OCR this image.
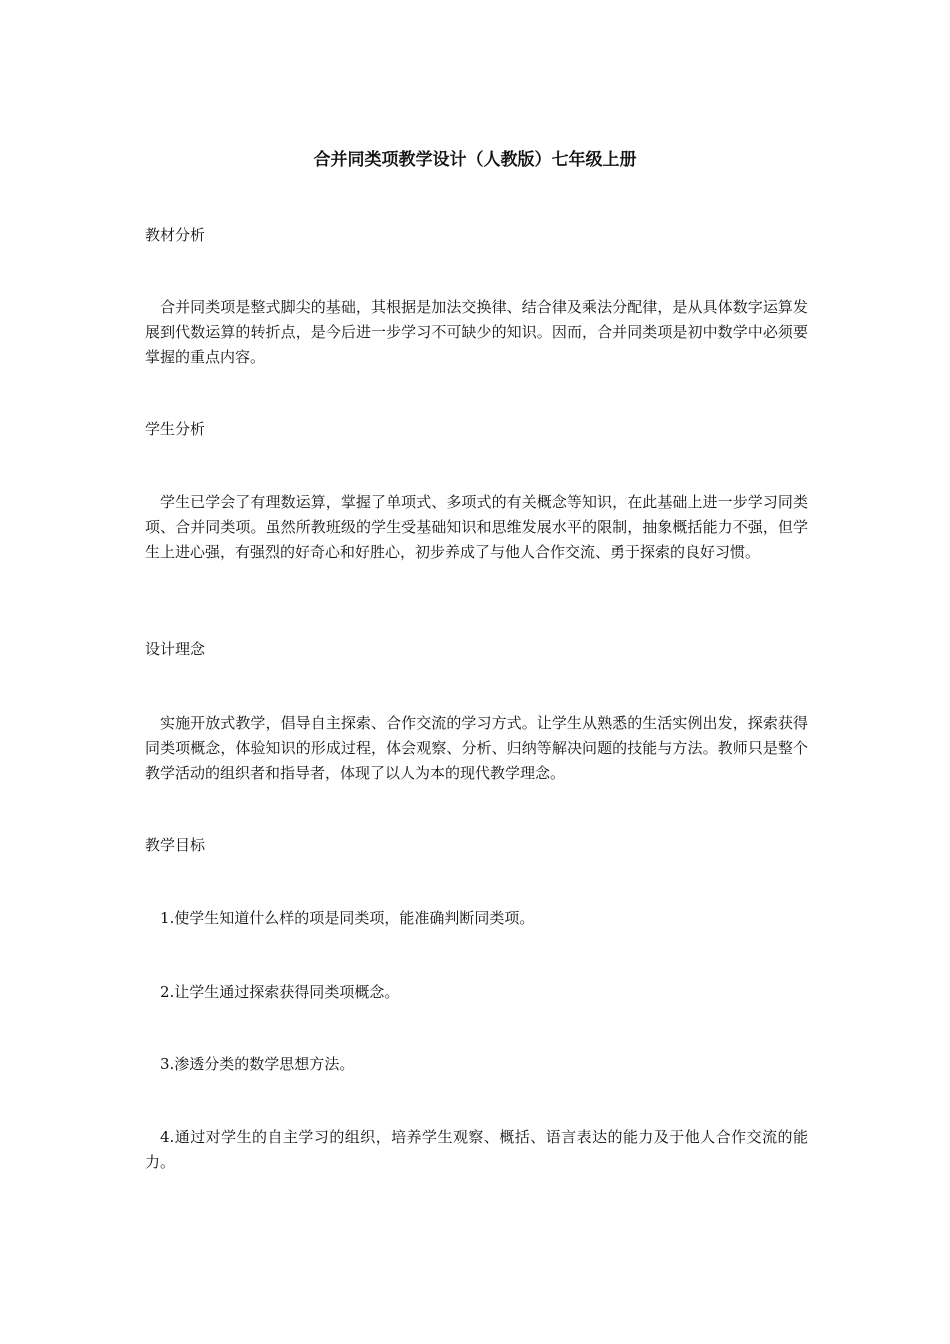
合并同类项教学设计（人教版）七年级上册
教材分析
合并同类项是整式脚尖的基础，其根据是加法交换律、结合律及乘法分配律，是从具体数字运算发展到代数运算的转折点，是今后进一步学习不可缺少的知识。因而，合并同类项是初中数学中必须要掌握的重点内容。
学生分析
学生已学会了有理数运算，掌握了单项式、多项式的有关概念等知识，在此基础上进一步学习同类项、合并同类项。虽然所教班级的学生受基础知识和思维发展水平的限制，抽象概括能力不强，但学生上进心强，有强烈的好奇心和好胜心，初步养成了与他人合作交流、勇于探索的良好习惯。
设计理念
实施开放式教学，倡导自主探索、合作交流的学习方式。让学生从熟悉的生活实例出发，探索获得同类项概念，体验知识的形成过程，体会观察、分析、归纳等解决问题的技能与方法。教师只是整个教学活动的组织者和指导者，体现了以人为本的现代教学理念。
教学目标
1.使学生知道什么样的项是同类项，能准确判断同类项。
2.让学生通过探索获得同类项概念。
3.渗透分类的数学思想方法。
4.通过对学生的自主学习的组织，培养学生观察、概括、语言表达的能力及于他人合作交流的能力。
